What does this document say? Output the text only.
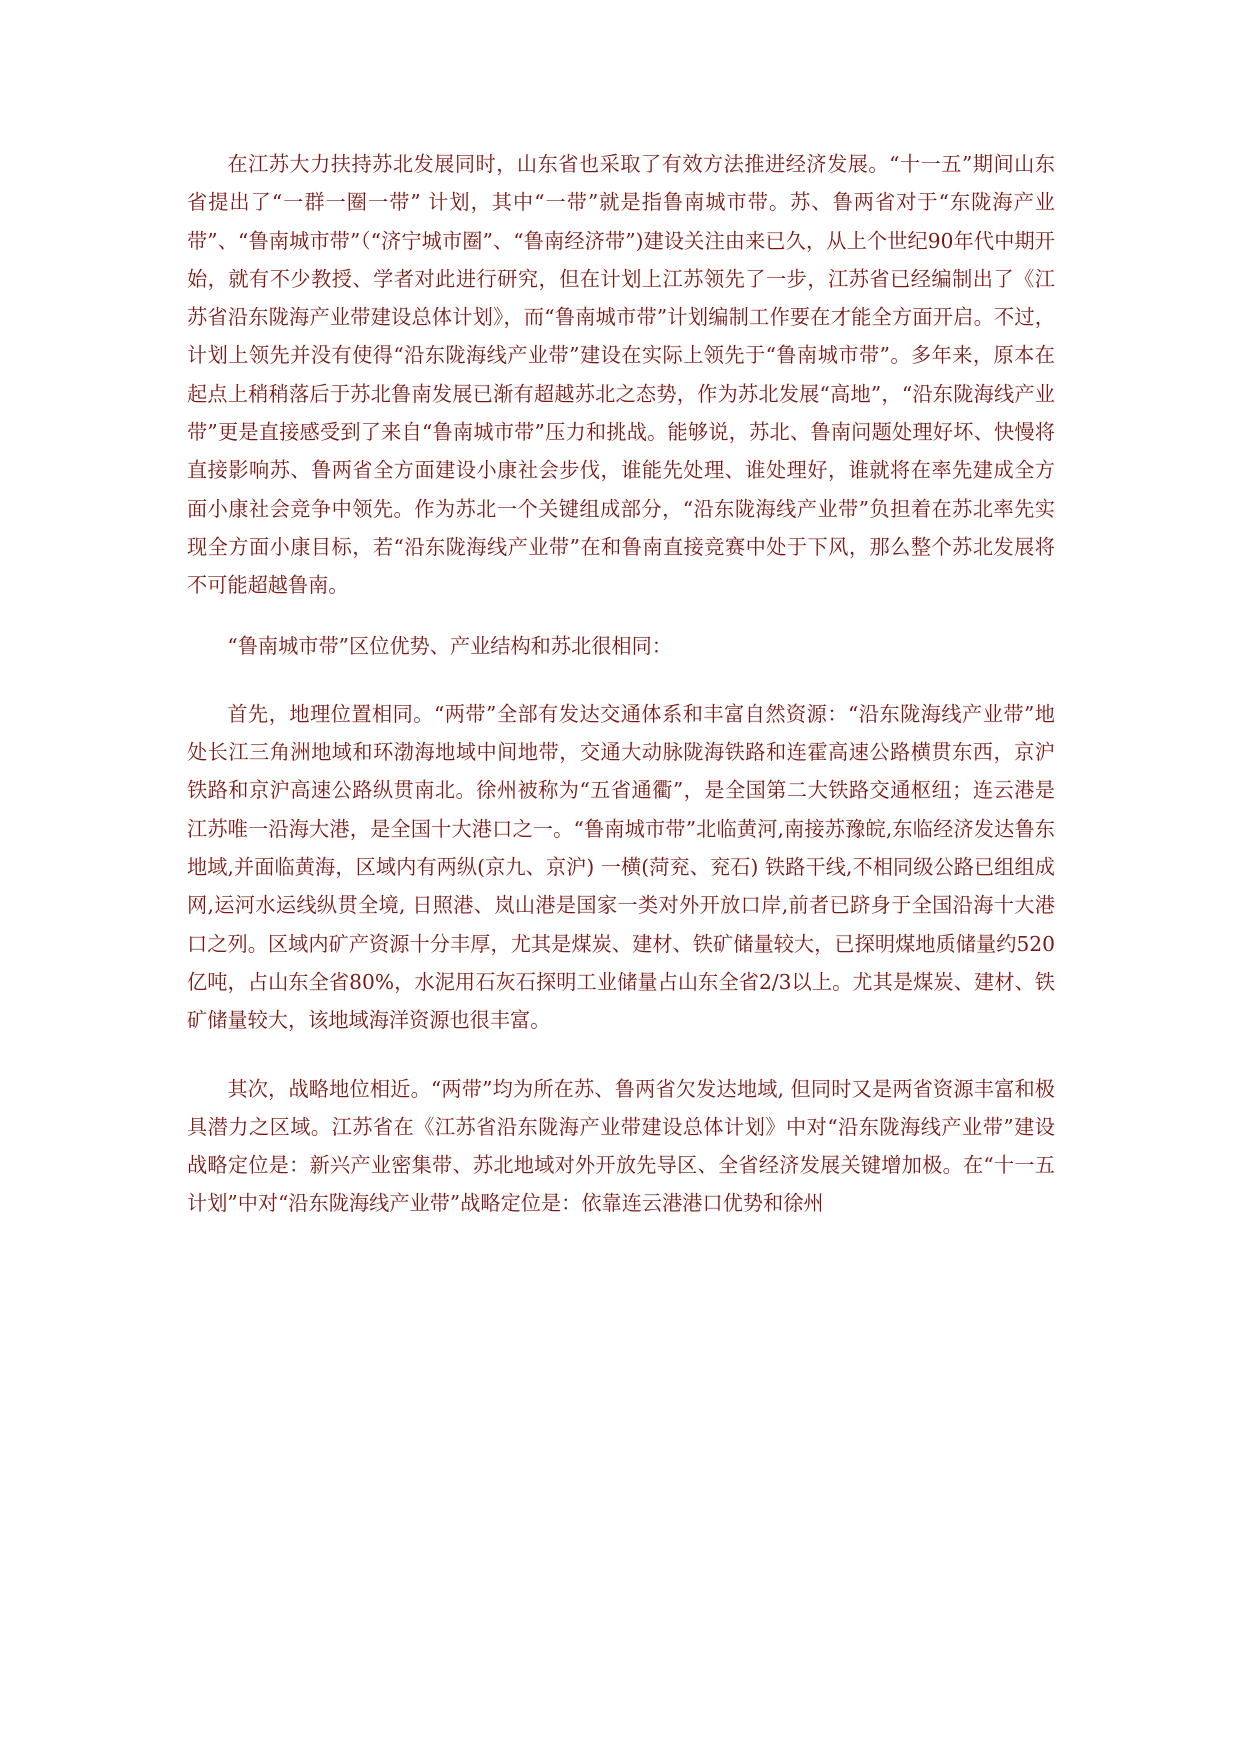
在江苏大力扶持苏北发展同时，山东省也采取了有效方法推进经济发展。“十一五”期间山东省提出了“一群一圈一带” 计划，其中“一带”就是指鲁南城市带。苏、鲁两省对于“东陇海产业带”、“鲁南城市带”（“济宁城市圈”、“鲁南经济带”)建设关注由来已久，从上个世纪90年代中期开始，就有不少教授、学者对此进行研究，但在计划上江苏领先了一步，江苏省已经编制出了《江苏省沿东陇海产业带建设总体计划》，而“鲁南城市带”计划编制工作要在才能全方面开启。不过，计划上领先并没有使得“沿东陇海线产业带”建设在实际上领先于“鲁南城市带”。多年来，原本在起点上稍稍落后于苏北鲁南发展已渐有超越苏北之态势，作为苏北发展“高地”，“沿东陇海线产业带”更是直接感受到了来自“鲁南城市带”压力和挑战。能够说，苏北、鲁南问题处理好坏、快慢将直接影响苏、鲁两省全方面建设小康社会步伐，谁能先处理、谁处理好，谁就将在率先建成全方面小康社会竞争中领先。作为苏北一个关键组成部分，“沿东陇海线产业带”负担着在苏北率先实现全方面小康目标，若“沿东陇海线产业带”在和鲁南直接竞赛中处于下风，那么整个苏北发展将不可能超越鲁南。

“鲁南城市带”区位优势、产业结构和苏北很相同：

首先，地理位置相同。“两带”全部有发达交通体系和丰富自然资源：“沿东陇海线产业带”地处长江三角洲地域和环渤海地域中间地带，交通大动脉陇海铁路和连霍高速公路横贯东西，京沪铁路和京沪高速公路纵贯南北。徐州被称为“五省通衢”，是全国第二大铁路交通枢纽；连云港是江苏唯一沿海大港，是全国十大港口之一。“鲁南城市带”北临黄河,南接苏豫皖,东临经济发达鲁东地域,并面临黄海，区域内有两纵(京九、京沪) 一横(菏兖、兖石) 铁路干线,不相同级公路已组组成网,运河水运线纵贯全境, 日照港、岚山港是国家一类对外开放口岸,前者已跻身于全国沿海十大港口之列。区域内矿产资源十分丰厚，尤其是煤炭、建材、铁矿储量较大，已探明煤地质储量约520亿吨，占山东全省80%，水泥用石灰石探明工业储量占山东全省2/3以上。尤其是煤炭、建材、铁矿储量较大，该地域海洋资源也很丰富。

其次，战略地位相近。“两带”均为所在苏、鲁两省欠发达地域, 但同时又是两省资源丰富和极具潜力之区域。江苏省在《江苏省沿东陇海产业带建设总体计划》中对“沿东陇海线产业带”建设战略定位是：新兴产业密集带、苏北地域对外开放先导区、全省经济发展关键增加极。在“十一五计划”中对“沿东陇海线产业带”战略定位是：依靠连云港港口优势和徐州
